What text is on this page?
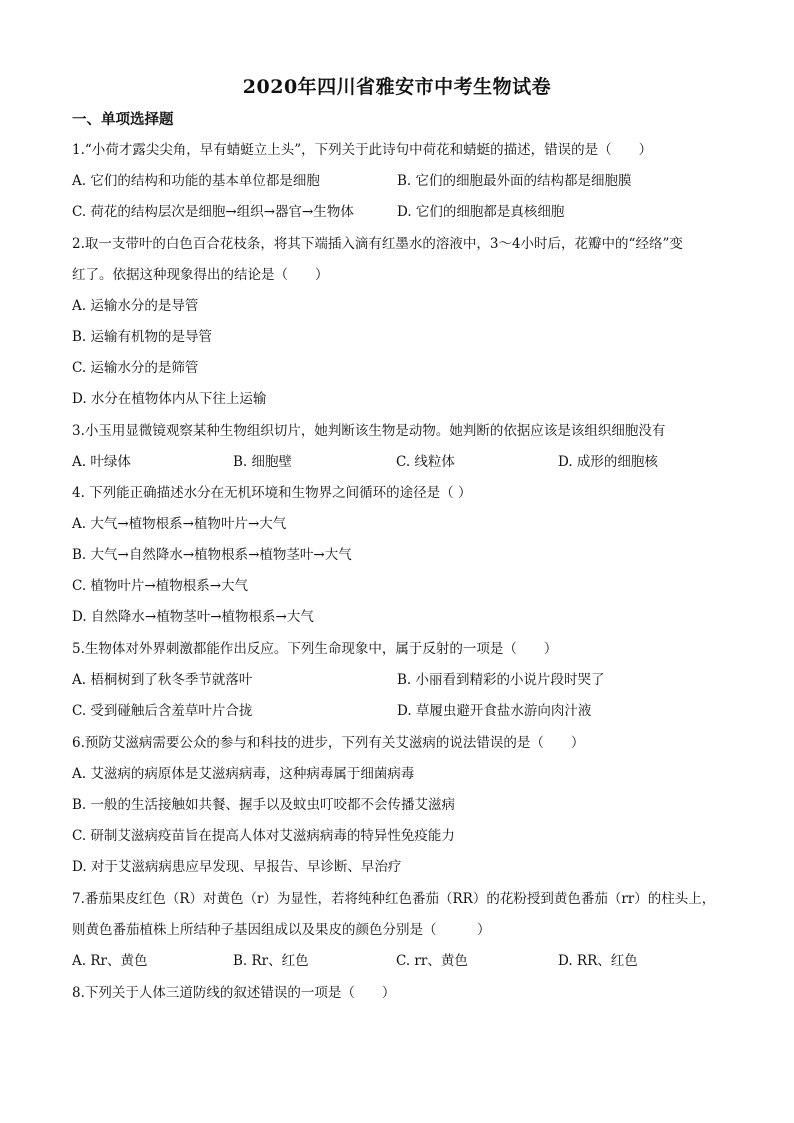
2020年四川省雅安市中考生物试卷
一、单项选择题
1.“小荷才露尖尖角，早有蜻蜓立上头”，下列关于此诗句中荷花和蜻蜓的描述，错误的是（　　）
A. 它们的结构和功能的基本单位都是细胞	B. 它们的细胞最外面的结构都是细胞膜
C. 荷花的结构层次是细胞→组织→器官→生物体	D. 它们的细胞都是真核细胞
2.取一支带叶的白色百合花枝条，将其下端插入滴有红墨水的溶液中，3～4小时后，花瓣中的“经络”变
红了。依据这种现象得出的结论是（　　）
A. 运输水分的是导管
B. 运输有机物的是导管
C. 运输水分的是筛管
D. 水分在植物体内从下往上运输
3.小玉用显微镜观察某种生物组织切片，她判断该生物是动物。她判断的依据应该是该组织细胞没有
A. 叶绿体	B. 细胞壁	C. 线粒体	D. 成形的细胞核
4. 下列能正确描述水分在无机环境和生物界之间循环的途径是（ ）
A. 大气→植物根系→植物叶片→大气
B. 大气→自然降水→植物根系→植物茎叶→大气
C. 植物叶片→植物根系→大气
D. 自然降水→植物茎叶→植物根系→大气
5.生物体对外界刺激都能作出反应。下列生命现象中，属于反射的一项是（　　）
A. 梧桐树到了秋冬季节就落叶	B. 小丽看到精彩的小说片段时哭了
C. 受到碰触后含羞草叶片合拢	D. 草履虫避开食盐水游向肉汁液
6.预防艾滋病需要公众的参与和科技的进步，下列有关艾滋病的说法错误的是（　　）
A. 艾滋病的病原体是艾滋病病毒，这种病毒属于细菌病毒
B. 一般的生活接触如共餐、握手以及蚊虫叮咬都不会传播艾滋病
C. 研制艾滋病疫苗旨在提高人体对艾滋病病毒的特异性免疫能力
D. 对于艾滋病病患应早发现、早报告、早诊断、早治疗
7.番茄果皮红色（R）对黄色（r）为显性，若将纯种红色番茄（RR）的花粉授到黄色番茄（rr）的柱头上，
则黄色番茄植株上所结种子基因组成以及果皮的颜色分别是（　　　）
A. Rr、黄色	B. Rr、红色	C. rr、黄色	D. RR、红色
8.下列关于人体三道防线的叙述错误的一项是（　　）
